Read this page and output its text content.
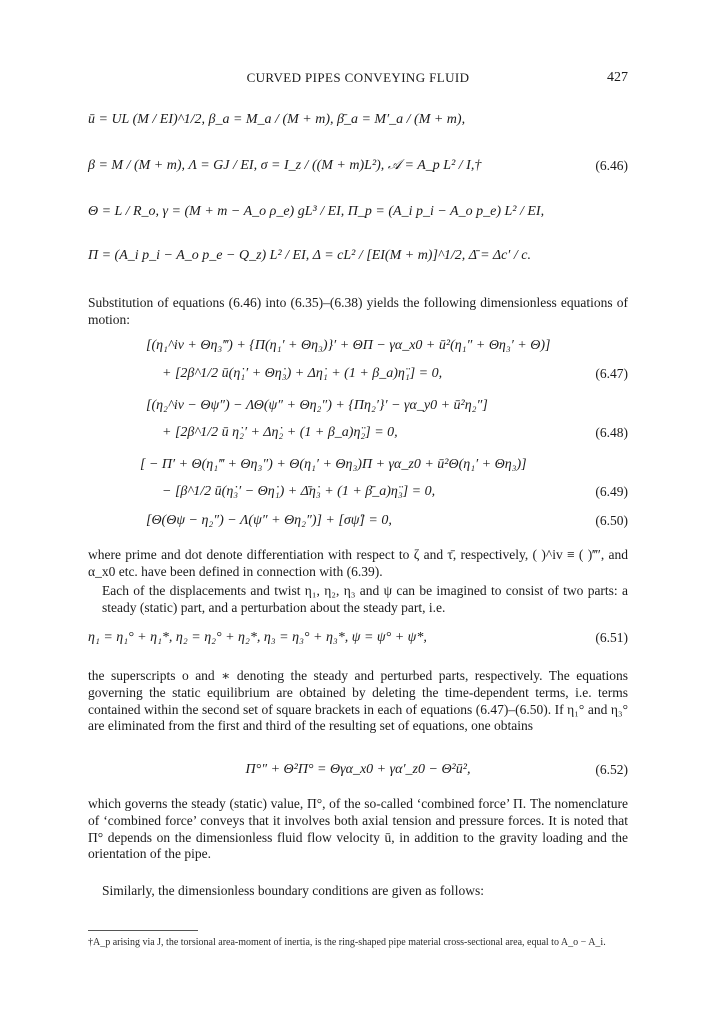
CURVED PIPES CONVEYING FLUID	427
ū = UL (M / EI)^1/2, β_a = M_a / (M + m), β̄_a = M′_a / (M + m),
β = M / (M + m), Λ = GJ / EI, σ = I_z / ((M + m)L²), 𝒜 = A_p L² / I,†	(6.46)
Θ = L / R_o, γ = (M + m − A_o ρ_e) gL³ / EI, Π_p = (A_i p_i − A_o p_e) L² / EI,
Π = (A_i p_i − A_o p_e − Q_z) L² / EI, Δ = cL² / [EI(M + m)]^1/2, Δ̄ = Δc′ / c.
Substitution of equations (6.46) into (6.35)–(6.38) yields the following dimensionless equations of motion:
[(η₁^iv + Θη₃‴) + {Π(η₁′ + Θη₃)}′ + ΘΠ − γα_x0 + ū²(η₁″ + Θη₃′ + Θ)]
+ [2β^1/2 ū(η̇₁′ + Θη̇₃) + Δη̇₁ + (1 + β_a)η̈₁] = 0,	(6.47)
[(η₂^iv − Θψ″) − ΛΘ(ψ″ + Θη₂″) + {Πη₂′}′ − γα_y0 + ū²η₂″]
+ [2β^1/2 ū η̇₂′ + Δη̇₂ + (1 + β_a)η̈₂] = 0,	(6.48)
[ − Π′ + Θ(η₁‴ + Θη₃″) + Θ(η₁′ + Θη₃)Π + γα_z0 + ū²Θ(η₁′ + Θη₃)]
− [β^1/2 ū(η̇₃′ − Θη̇₁) + Δ̄η̇₃ + (1 + β̄_a)η̈₃] = 0,	(6.49)
[Θ(Θψ − η₂″) − Λ(ψ″ + Θη₂″)] + [σψ̈] = 0,	(6.50)
where prime and dot denote differentiation with respect to ζ and τ̄, respectively, ( )^iv ≡ ( )‴′, and α_x0 etc. have been defined in connection with (6.39).
Each of the displacements and twist η₁, η₂, η₃ and ψ can be imagined to consist of two parts: a steady (static) part, and a perturbation about the steady part, i.e.
η₁ = η₁° + η₁*, η₂ = η₂° + η₂*, η₃ = η₃° + η₃*, ψ = ψ° + ψ*,	(6.51)
the superscripts o and ∗ denoting the steady and perturbed parts, respectively. The equations governing the static equilibrium are obtained by deleting the time-dependent terms, i.e. terms contained within the second set of square brackets in each of equations (6.47)–(6.50). If η₁° and η₃° are eliminated from the first and third of the resulting set of equations, one obtains
Π°″ + Θ²Π° = Θγα_x0 + γα′_z0 − Θ²ū²,	(6.52)
which governs the steady (static) value, Π°, of the so-called ‘combined force’ Π. The nomenclature of ‘combined force’ conveys that it involves both axial tension and pressure forces. It is noted that Π° depends on the dimensionless fluid flow velocity ū, in addition to the gravity loading and the orientation of the pipe.
Similarly, the dimensionless boundary conditions are given as follows:
†A_p arising via J, the torsional area-moment of inertia, is the ring-shaped pipe material cross-sectional area, equal to A_o − A_i.
